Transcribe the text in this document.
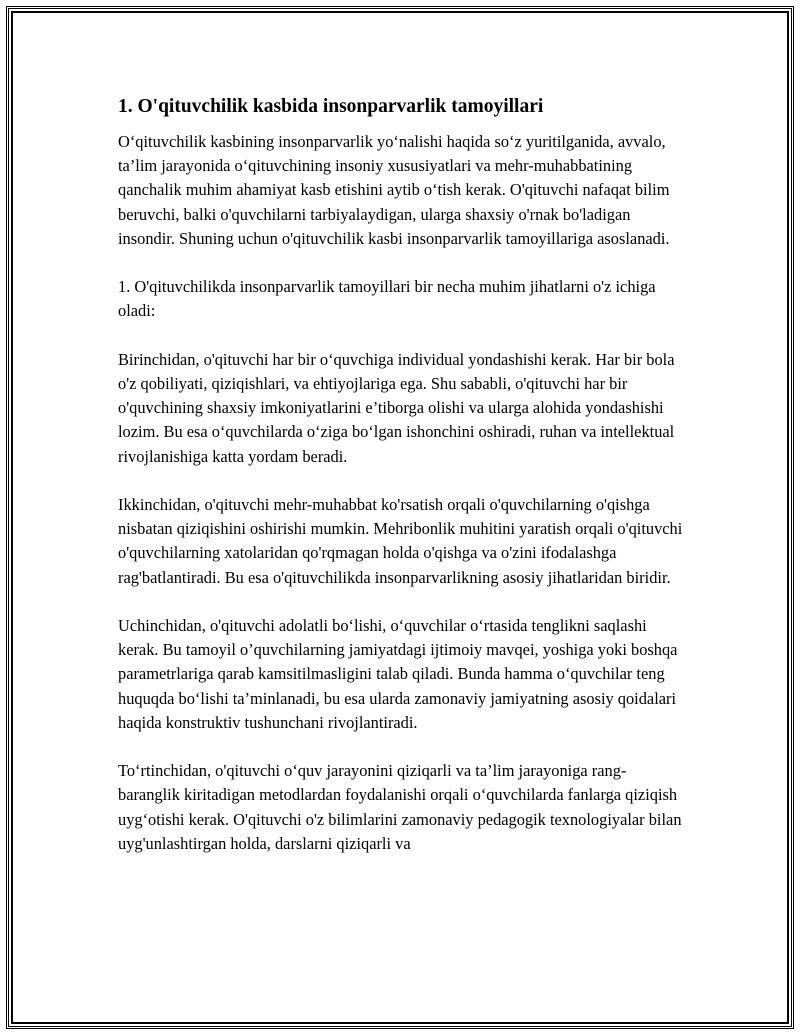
1. O'qituvchilik kasbida insonparvarlik tamoyillari

O‘qituvchilik kasbining insonparvarlik yo‘nalishi haqida so‘z yuritilganida, avvalo, ta’lim jarayonida o‘qituvchining insoniy xususiyatlari va mehr-muhabbatining qanchalik muhim ahamiyat kasb etishini aytib o‘tish kerak. O'qituvchi nafaqat bilim beruvchi, balki o'quvchilarni tarbiyalaydigan, ularga shaxsiy o'rnak bo'ladigan insondir. Shuning uchun o'qituvchilik kasbi insonparvarlik tamoyillariga asoslanadi.

1. O'qituvchilikda insonparvarlik tamoyillari bir necha muhim jihatlarni o'z ichiga oladi:

Birinchidan, o'qituvchi har bir o‘quvchiga individual yondashishi kerak. Har bir bola o'z qobiliyati, qiziqishlari, va ehtiyojlariga ega. Shu sababli, o'qituvchi har bir o'quvchining shaxsiy imkoniyatlarini e’tiborga olishi va ularga alohida yondashishi lozim. Bu esa o‘quvchilarda o‘ziga bo‘lgan ishonchini oshiradi, ruhan va intellektual rivojlanishiga katta yordam beradi.

Ikkinchidan, o'qituvchi mehr-muhabbat ko'rsatish orqali o'quvchilarning o'qishga nisbatan qiziqishini oshirishi mumkin. Mehribonlik muhitini yaratish orqali o'qituvchi o'quvchilarning xatolaridan qo'rqmagan holda o'qishga va o'zini ifodalashga rag'batlantiradi. Bu esa o'qituvchilikda insonparvarlikning asosiy jihatlaridan biridir.

Uchinchidan, o'qituvchi adolatli bo‘lishi, o‘quvchilar o‘rtasida tenglikni saqlashi kerak. Bu tamoyil o’quvchilarning jamiyatdagi ijtimoiy mavqei, yoshiga yoki boshqa parametrlariga qarab kamsitilmasligini talab qiladi. Bunda hamma o‘quvchilar teng huquqda bo‘lishi ta’minlanadi, bu esa ularda zamonaviy jamiyatning asosiy qoidalari haqida konstruktiv tushunchani rivojlantiradi.

To‘rtinchidan, o'qituvchi o‘quv jarayonini qiziqarli va ta’lim jarayoniga rang-baranglik kiritadigan metodlardan foydalanishi orqali o‘quvchilarda fanlarga qiziqish uyg‘otishi kerak. O'qituvchi o'z bilimlarini zamonaviy pedagogik texnologiyalar bilan uyg'unlashtirgan holda, darslarni qiziqarli va
